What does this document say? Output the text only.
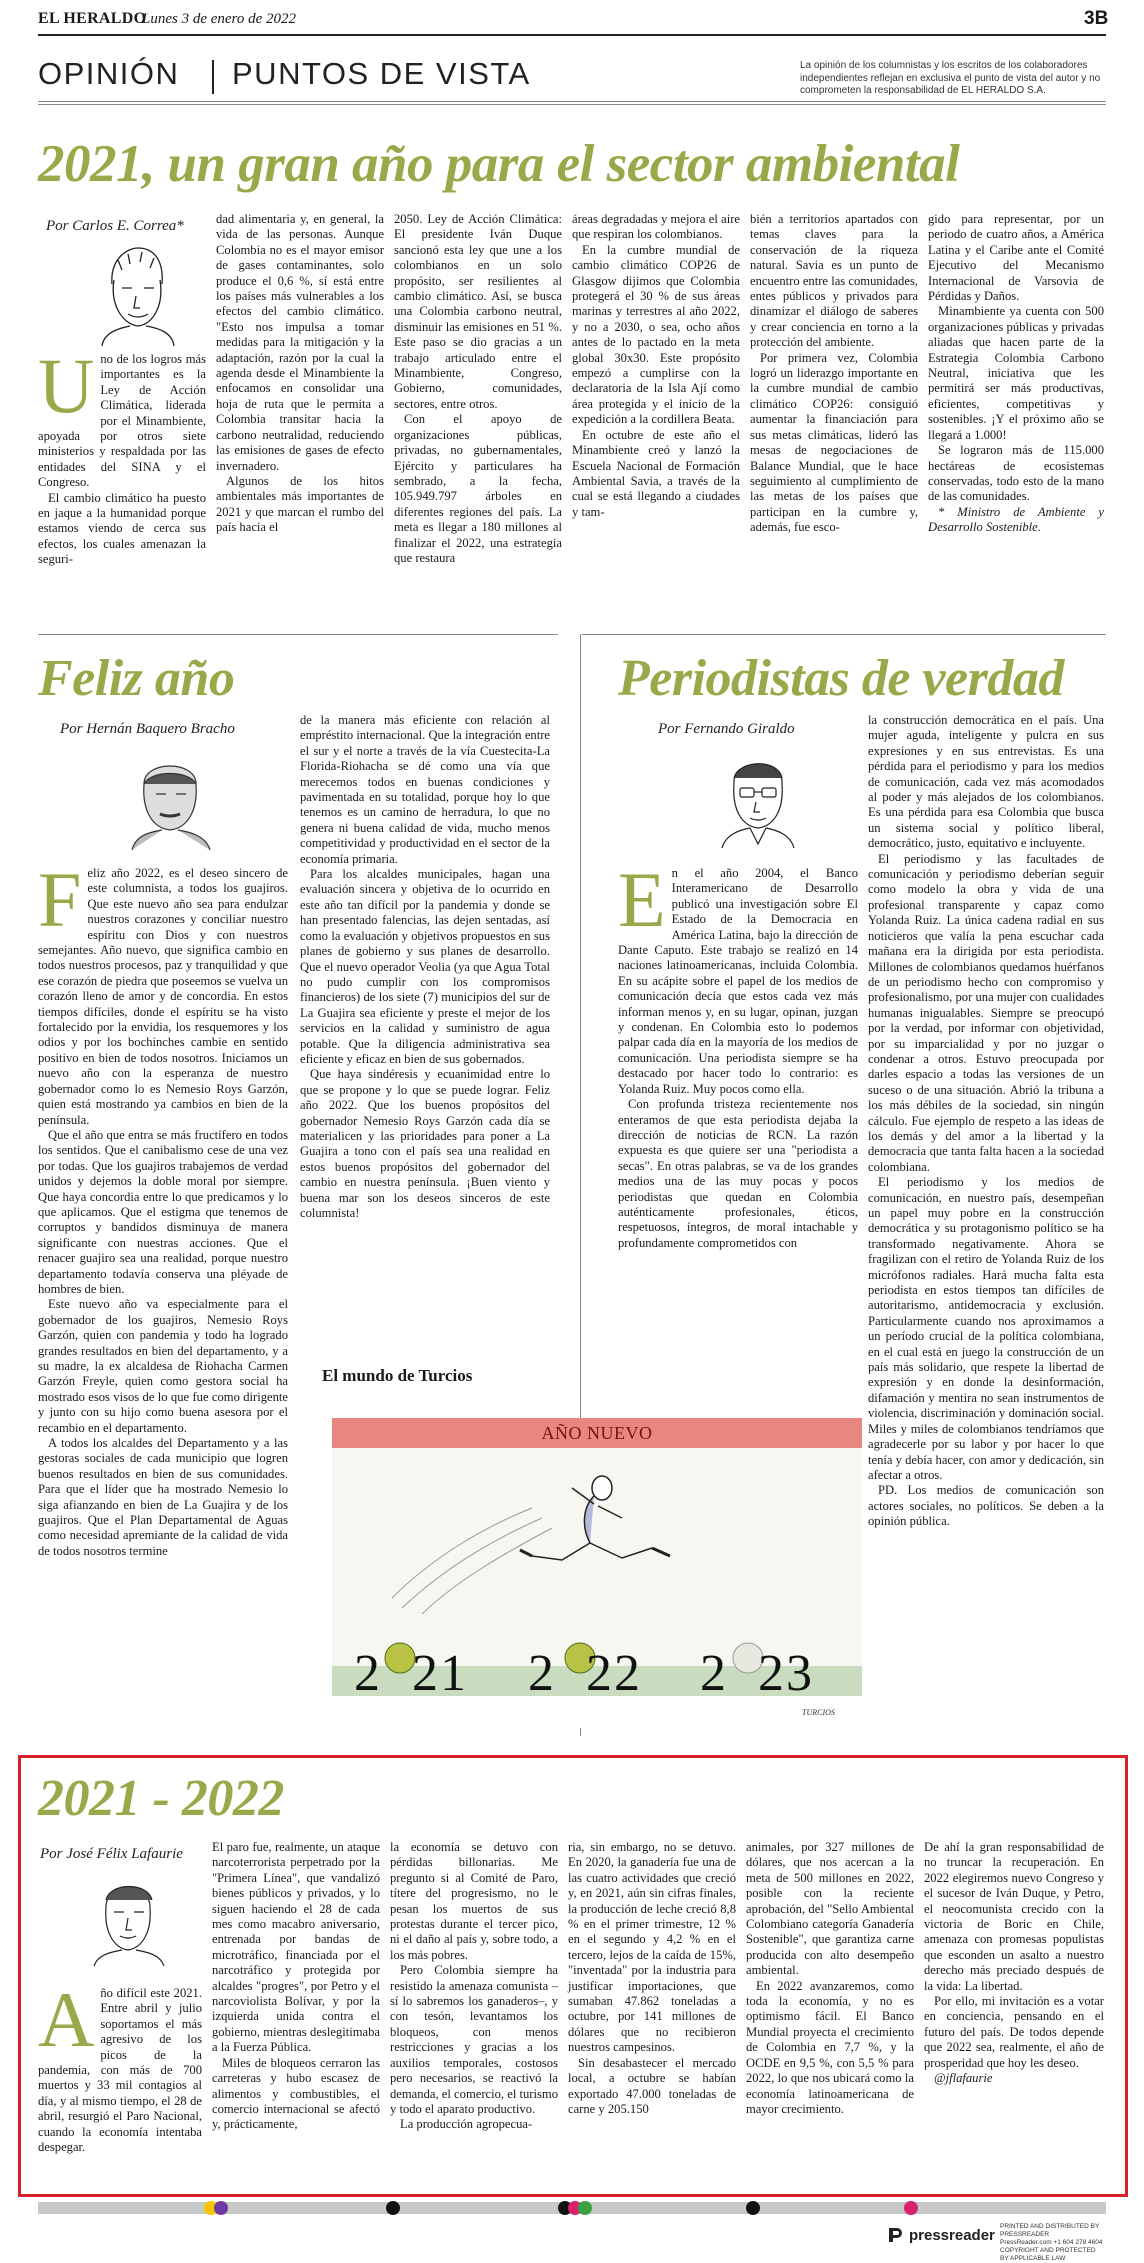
EL HERALDO
Lunes 3 de enero de 2022	3B
OPINIÓN PUNTOS DE VISTA	La opinión de los columnistas y los escritos de los colaboradores independientes reflejan en exclusiva el punto de vista del autor y no comprometen la responsabilidad de EL HERALDO S.A.
2021, un gran año para el sector ambiental
Por Carlos E. Correa*
U no de los logros más importantes es la Ley de Acción Climática, liderada por el Minambiente, apoyada por otros siete ministerios y respaldada por las entidades del SINA y el Congreso.

El cambio climático ha puesto en jaque a la humanidad porque estamos viendo de cerca sus efectos, los cuales amenazan la seguri-

dad alimentaria y, en general, la vida de las personas. Aunque Colombia no es el mayor emisor de gases contaminantes, solo produce el 0,6 %, sí está entre los países más vulnerables a los efectos del cambio climático. "Esto nos impulsa a tomar medidas para la mitigación y la adaptación, razón por la cual la agenda desde el Minambiente la enfocamos en consolidar una hoja de ruta que le permita a Colombia transitar hacia la carbono neutralidad, reduciendo las emisiones de gases de efecto invernadero.

Algunos de los hitos ambientales más importantes de 2021 y que marcan el rumbo del país hacia el

2050. Ley de Acción Climática: El presidente Iván Duque sancionó esta ley que une a los colombianos en un solo propósito, ser resilientes al cambio climático. Así, se busca una Colombia carbono neutral, disminuir las emisiones en 51 %. Este paso se dio gracias a un trabajo articulado entre el Minambiente, Congreso, Gobierno, comunidades, sectores, entre otros.

Con el apoyo de organizaciones públicas, privadas, no gubernamentales, Ejército y particulares ha sembrado, a la fecha, 105.949.797 árboles en diferentes regiones del país. La meta es llegar a 180 millones al finalizar el 2022, una estrategia que restaura

áreas degradadas y mejora el aire que respiran los colombianos.

En la cumbre mundial de cambio climático COP26 de Glasgow dijimos que Colombia protegerá el 30 % de sus áreas marinas y terrestres al año 2022, y no a 2030, o sea, ocho años antes de lo pactado en la meta global 30x30. Este propósito empezó a cumplirse con la declaratoria de la Isla Ají como área protegida y el inicio de la expedición a la cordillera Beata.

En octubre de este año el Minambiente creó y lanzó la Escuela Nacional de Formación Ambiental Savia, a través de la cual se está llegando a ciudades y tam-

bién a territorios apartados con temas claves para la conservación de la riqueza natural. Savia es un punto de encuentro entre las comunidades, entes públicos y privados para dinamizar el diálogo de saberes y crear conciencia en torno a la protección del ambiente.

Por primera vez, Colombia logró un liderazgo importante en la cumbre mundial de cambio climático COP26: consiguió aumentar la financiación para sus metas climáticas, lideró las mesas de negociaciones de Balance Mundial, que le hace seguimiento al cumplimiento de las metas de los países que participan en la cumbre y, además, fue esco-

gido para representar, por un periodo de cuatro años, a América Latina y el Caribe ante el Comité Ejecutivo del Mecanismo Internacional de Varsovia de Pérdidas y Daños.

Minambiente ya cuenta con 500 organizaciones públicas y privadas aliadas que hacen parte de la Estrategia Colombia Carbono Neutral, iniciativa que les permitirá ser más productivas, eficientes, competitivas y sostenibles. ¡Y el próximo año se llegará a 1.000!

Se lograron más de 115.000 hectáreas de ecosistemas conservadas, todo esto de la mano de las comunidades.

* Ministro de Ambiente y Desarrollo Sostenible.

Feliz año
Por Hernán Baquero Bracho
F eliz año 2022, es el deseo sincero de este columnista, a todos los guajiros. Que este nuevo año sea para endulzar nuestros corazones y conciliar nuestro espíritu con Dios y con nuestros semejantes. Año nuevo, que significa cambio en todos nuestros procesos, paz y tranquilidad y que ese corazón de piedra que poseemos se vuelva un corazón lleno de amor y de concordia. En estos tiempos difíciles, donde el espíritu se ha visto fortalecido por la envidia, los resquemores y los odios y por los bochinches cambie en sentido positivo en bien de todos nosotros. Iniciamos un nuevo año con la esperanza de nuestro gobernador como lo es Nemesio Roys Garzón, quien está mostrando ya cambios en bien de la península.

Que el año que entra se más fructífero en todos los sentidos. Que el canibalismo cese de una vez por todas. Que los guajiros trabajemos de verdad unidos y dejemos la doble moral por siempre. Que haya concordia entre lo que predicamos y lo que aplicamos. Que el estigma que tenemos de corruptos y bandidos disminuya de manera significante con nuestras acciones. Que el renacer guajiro sea una realidad, porque nuestro departamento todavía conserva una pléyade de hombres de bien.

Este nuevo año va especialmente para el gobernador de los guajiros, Nemesio Roys Garzón, quien con pandemia y todo ha logrado grandes resultados en bien del departamento, y a su madre, la ex alcaldesa de Riohacha Carmen Garzón Freyle, quien como gestora social ha mostrado esos visos de lo que fue como dirigente y junto con su hijo como buena asesora por el recambio en el departamento.

A todos los alcaldes del Departamento y a las gestoras sociales de cada municipio que logren buenos resultados en bien de sus comunidades. Para que el líder que ha mostrado Nemesio lo siga afianzando en bien de La Guajira y de los guajiros. Que el Plan Departamental de Aguas como necesidad apremiante de la calidad de vida de todos nosotros termine

de la manera más eficiente con relación al empréstito internacional. Que la integración entre el sur y el norte a través de la vía Cuestecita-La Florida-Riohacha se dé como una vía que merecemos todos en buenas condiciones y pavimentada en su totalidad, porque hoy lo que tenemos es un camino de herradura, lo que no genera ni buena calidad de vida, mucho menos competitividad y productividad en el sector de la economía primaria.

Para los alcaldes municipales, hagan una evaluación sincera y objetiva de lo ocurrido en este año tan difícil por la pandemia y donde se han presentado falencias, las dejen sentadas, así como la evaluación y objetivos propuestos en sus planes de gobierno y sus planes de desarrollo. Que el nuevo operador Veolia (ya que Agua Total no pudo cumplir con los compromisos financieros) de los siete (7) municipios del sur de La Guajira sea eficiente y preste el mejor de los servicios en la calidad y suministro de agua potable. Que la diligencia administrativa sea eficiente y eficaz en bien de sus gobernados.

Que haya sindéresis y ecuanimidad entre lo que se propone y lo que se puede lograr. Feliz año 2022. Que los buenos propósitos del gobernador Nemesio Roys Garzón cada día se materialicen y las prioridades para poner a La Guajira a tono con el país sea una realidad en estos buenos propósitos del gobernador del cambio en nuestra península. ¡Buen viento y buena mar son los deseos sinceros de este columnista!

Periodistas de verdad
Por Fernando Giraldo
E n el año 2004, el Banco Interamericano de Desarrollo publicó una investigación sobre El Estado de la Democracia en América Latina, bajo la dirección de Dante Caputo. Este trabajo se realizó en 14 naciones latinoamericanas, incluida Colombia. En su acápite sobre el papel de los medios de comunicación decía que estos cada vez más informan menos y, en su lugar, opinan, juzgan y condenan. En Colombia esto lo podemos palpar cada día en la mayoría de los medios de comunicación. Una periodista siempre se ha destacado por hacer todo lo contrario: es Yolanda Ruiz. Muy pocos como ella.

Con profunda tristeza recientemente nos enteramos de que esta periodista dejaba la dirección de noticias de RCN. La razón expuesta es que quiere ser una "periodista a secas". En otras palabras, se va de los grandes medios una de las muy pocas y pocos periodistas que quedan en Colombia auténticamente profesionales, éticos, respetuosos, íntegros, de moral intachable y profundamente comprometidos con

la construcción democrática en el país. Una mujer aguda, inteligente y pulcra en sus expresiones y en sus entrevistas. Es una pérdida para el periodismo y para los medios de comunicación, cada vez más acomodados al poder y más alejados de los colombianos. Es una pérdida para esa Colombia que busca un sistema social y político liberal, democrático, justo, equitativo e incluyente.

El periodismo y las facultades de comunicación y periodismo deberían seguir como modelo la obra y vida de una profesional transparente y capaz como Yolanda Ruiz. La única cadena radial en sus noticieros que valía la pena escuchar cada mañana era la dirigida por esta periodista. Millones de colombianos quedamos huérfanos de un periodismo hecho con compromiso y profesionalismo, por una mujer con cualidades humanas inigualables. Siempre se preocupó por la verdad, por informar con objetividad, por su imparcialidad y por no juzgar o condenar a otros. Estuvo preocupada por darles espacio a todas las versiones de un suceso o de una situación. Abrió la tribuna a los más débiles de la sociedad, sin ningún cálculo. Fue ejemplo de respeto a las ideas de los demás y del amor a la libertad y la democracia que tanta falta hacen a la sociedad colombiana.

El periodismo y los medios de comunicación, en nuestro país, desempeñan un papel muy pobre en la construcción democrática y su protagonismo político se ha transformado negativamente. Ahora se fragilizan con el retiro de Yolanda Ruiz de los micrófonos radiales. Hará mucha falta esta periodista en estos tiempos tan difíciles de autoritarismo, antidemocracia y exclusión. Particularmente cuando nos aproximamos a un período crucial de la política colombiana, en el cual está en juego la construcción de un país más solidario, que respete la libertad de expresión y en donde la desinformación, difamación y mentira no sean instrumentos de violencia, discriminación y dominación social. Miles y miles de colombianos tendríamos que agradecerle por su labor y por hacer lo que tenía y debía hacer, con amor y dedicación, sin afectar a otros.

PD. Los medios de comunicación son actores sociales, no políticos. Se deben a la opinión pública.

El mundo de Turcios
AÑO NUEVO
2 21 2 22 2 23
TURCIOS
2021 - 2022
Por José Félix Lafaurie
A ño difícil este 2021. Entre abril y julio soportamos el más agresivo de los picos de la pandemia, con más de 700 muertos y 33 mil contagios al día, y al mismo tiempo, el 28 de abril, resurgió el Paro Nacional, cuando la economía intentaba despegar.

El paro fue, realmente, un ataque narcoterrorista perpetrado por la "Primera Línea", que vandalizó bienes públicos y privados, y lo siguen haciendo el 28 de cada mes como macabro aniversario, entrenada por bandas de microtráfico, financiada por el narcotráfico y protegida por alcaldes "progres", por Petro y el narcoviolista Bolívar, y por la izquierda unida contra el gobierno, mientras deslegitimaba a la Fuerza Pública.

Miles de bloqueos cerraron las carreteras y hubo escasez de alimentos y combustibles, el comercio internacional se afectó y, prácticamente,

la economía se detuvo con pérdidas billonarias. Me pregunto si al Comité de Paro, títere del progresismo, no le pesan los muertos de sus protestas durante el tercer pico, ni el daño al país y, sobre todo, a los más pobres.

Pero Colombia siempre ha resistido la amenaza comunista –sí lo sabremos los ganaderos–, y con tesón, levantamos los bloqueos, con menos restricciones y gracias a los auxilios temporales, costosos pero necesarios, se reactivó la demanda, el comercio, el turismo y todo el aparato productivo.

La producción agropecua-

ria, sin embargo, no se detuvo. En 2020, la ganadería fue una de las cuatro actividades que creció y, en 2021, aún sin cifras finales, la producción de leche creció 8,8 % en el primer trimestre, 12 % en el segundo y 4,2 % en el tercero, lejos de la caída de 15%, "inventada" por la industria para justificar importaciones, que sumaban 47.862 toneladas a octubre, por 141 millones de dólares que no recibieron nuestros campesinos.

Sin desabastecer el mercado local, a octubre se habían exportado 47.000 toneladas de carne y 205.150

animales, por 327 millones de dólares, que nos acercan a la meta de 500 millones en 2022, posible con la reciente aprobación, del "Sello Ambiental Colombiano categoría Ganadería Sostenible", que garantiza carne producida con alto desempeño ambiental.

En 2022 avanzaremos, como toda la economía, y no es optimismo fácil. El Banco Mundial proyecta el crecimiento de Colombia en 7,7 %, y la OCDE en 9,5 %, con 5,5 % para 2022, lo que nos ubicará como la economía latinoamericana de mayor crecimiento.

De ahí la gran responsabilidad de no truncar la recuperación. En 2022 elegiremos nuevo Congreso y el sucesor de Iván Duque, y Petro, el neocomunista crecido con la victoria de Boric en Chile, amenaza con promesas populistas que esconden un asalto a nuestro derecho más preciado después de la vida: La libertad.

Por ello, mi invitación es a votar en conciencia, pensando en el futuro del país. De todos depende que 2022 sea, realmente, el año de prosperidad que hoy les deseo.

@jflafaurie

pressreader PRINTED AND DISTRIBUTED BY PRESSREADER
PressReader.com +1 604 278 4604
COPYRIGHT AND PROTECTED BY APPLICABLE LAW
